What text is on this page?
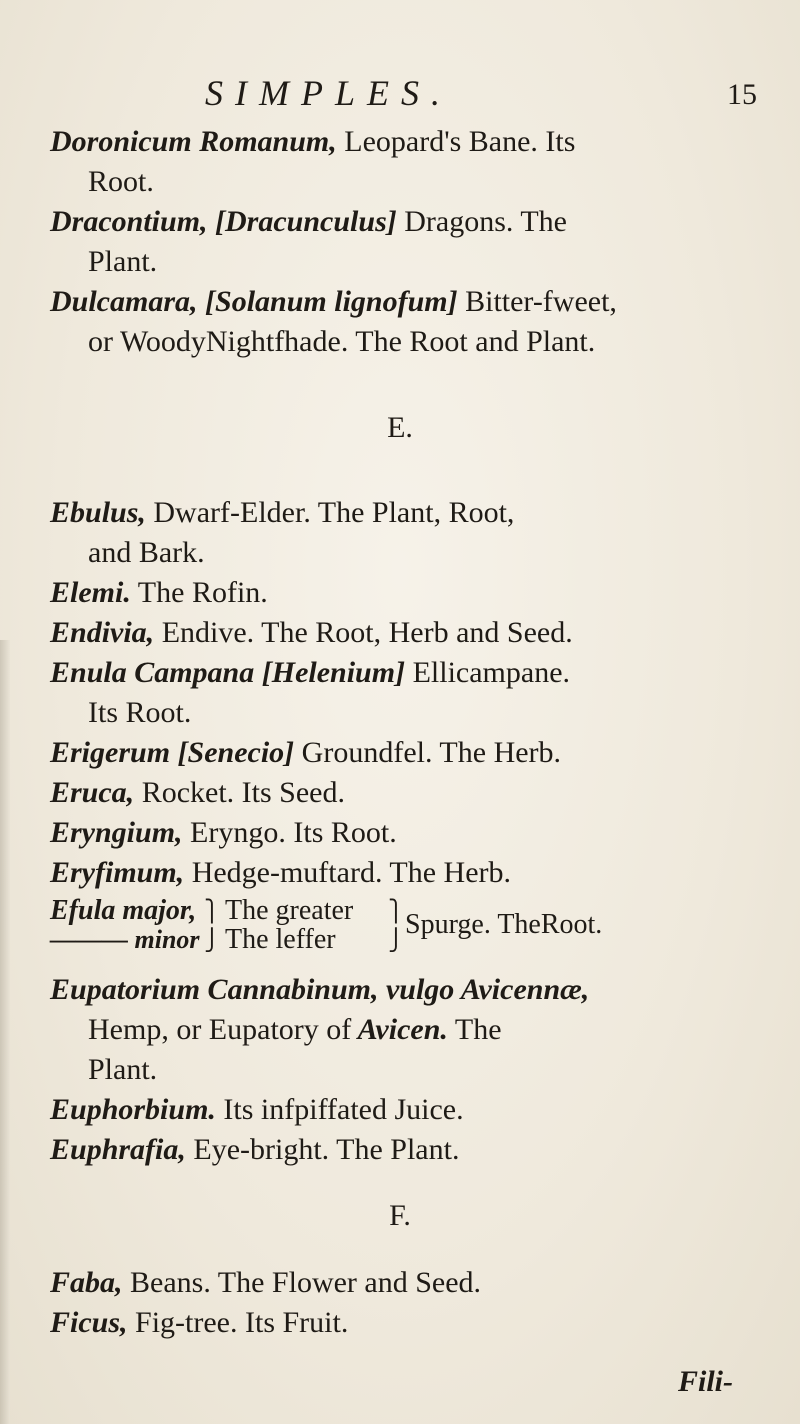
SIMPLES.	15
Doronicum Romanum, Leopard's Bane. Its
Root.
Dracontium, [Dracunculus] Dragons. The
Plant.
Dulcamara, [Solanum lignofum] Bitter-fweet,
or WoodyNightfhade. The Root and Plant.
E.
Ebulus, Dwarf-Elder. The Plant, Root,
and Bark.
Elemi. The Rofin.
Endivia, Endive. The Root, Herb and Seed.
Enula Campana [Helenium] Ellicampane.
Its Root.
Erigerum [Senecio] Groundfel. The Herb.
Eruca, Rocket. Its Seed.
Eryngium, Eryngo. Its Root.
Eryfimum, Hedge-muftard. The Herb.
Efula major,
——— minor
⎫
⎭
The greater
The leffer
⎫
⎭ Spurge. TheRoot.
Eupatorium Cannabinum, vulgo Avicennæ,
Hemp, or Eupatory of Avicen. The
Plant.
Euphorbium. Its infpiffated Juice.
Euphrafia, Eye-bright. The Plant.
F.
Faba, Beans. The Flower and Seed.
Ficus, Fig-tree. Its Fruit.
Fili-
